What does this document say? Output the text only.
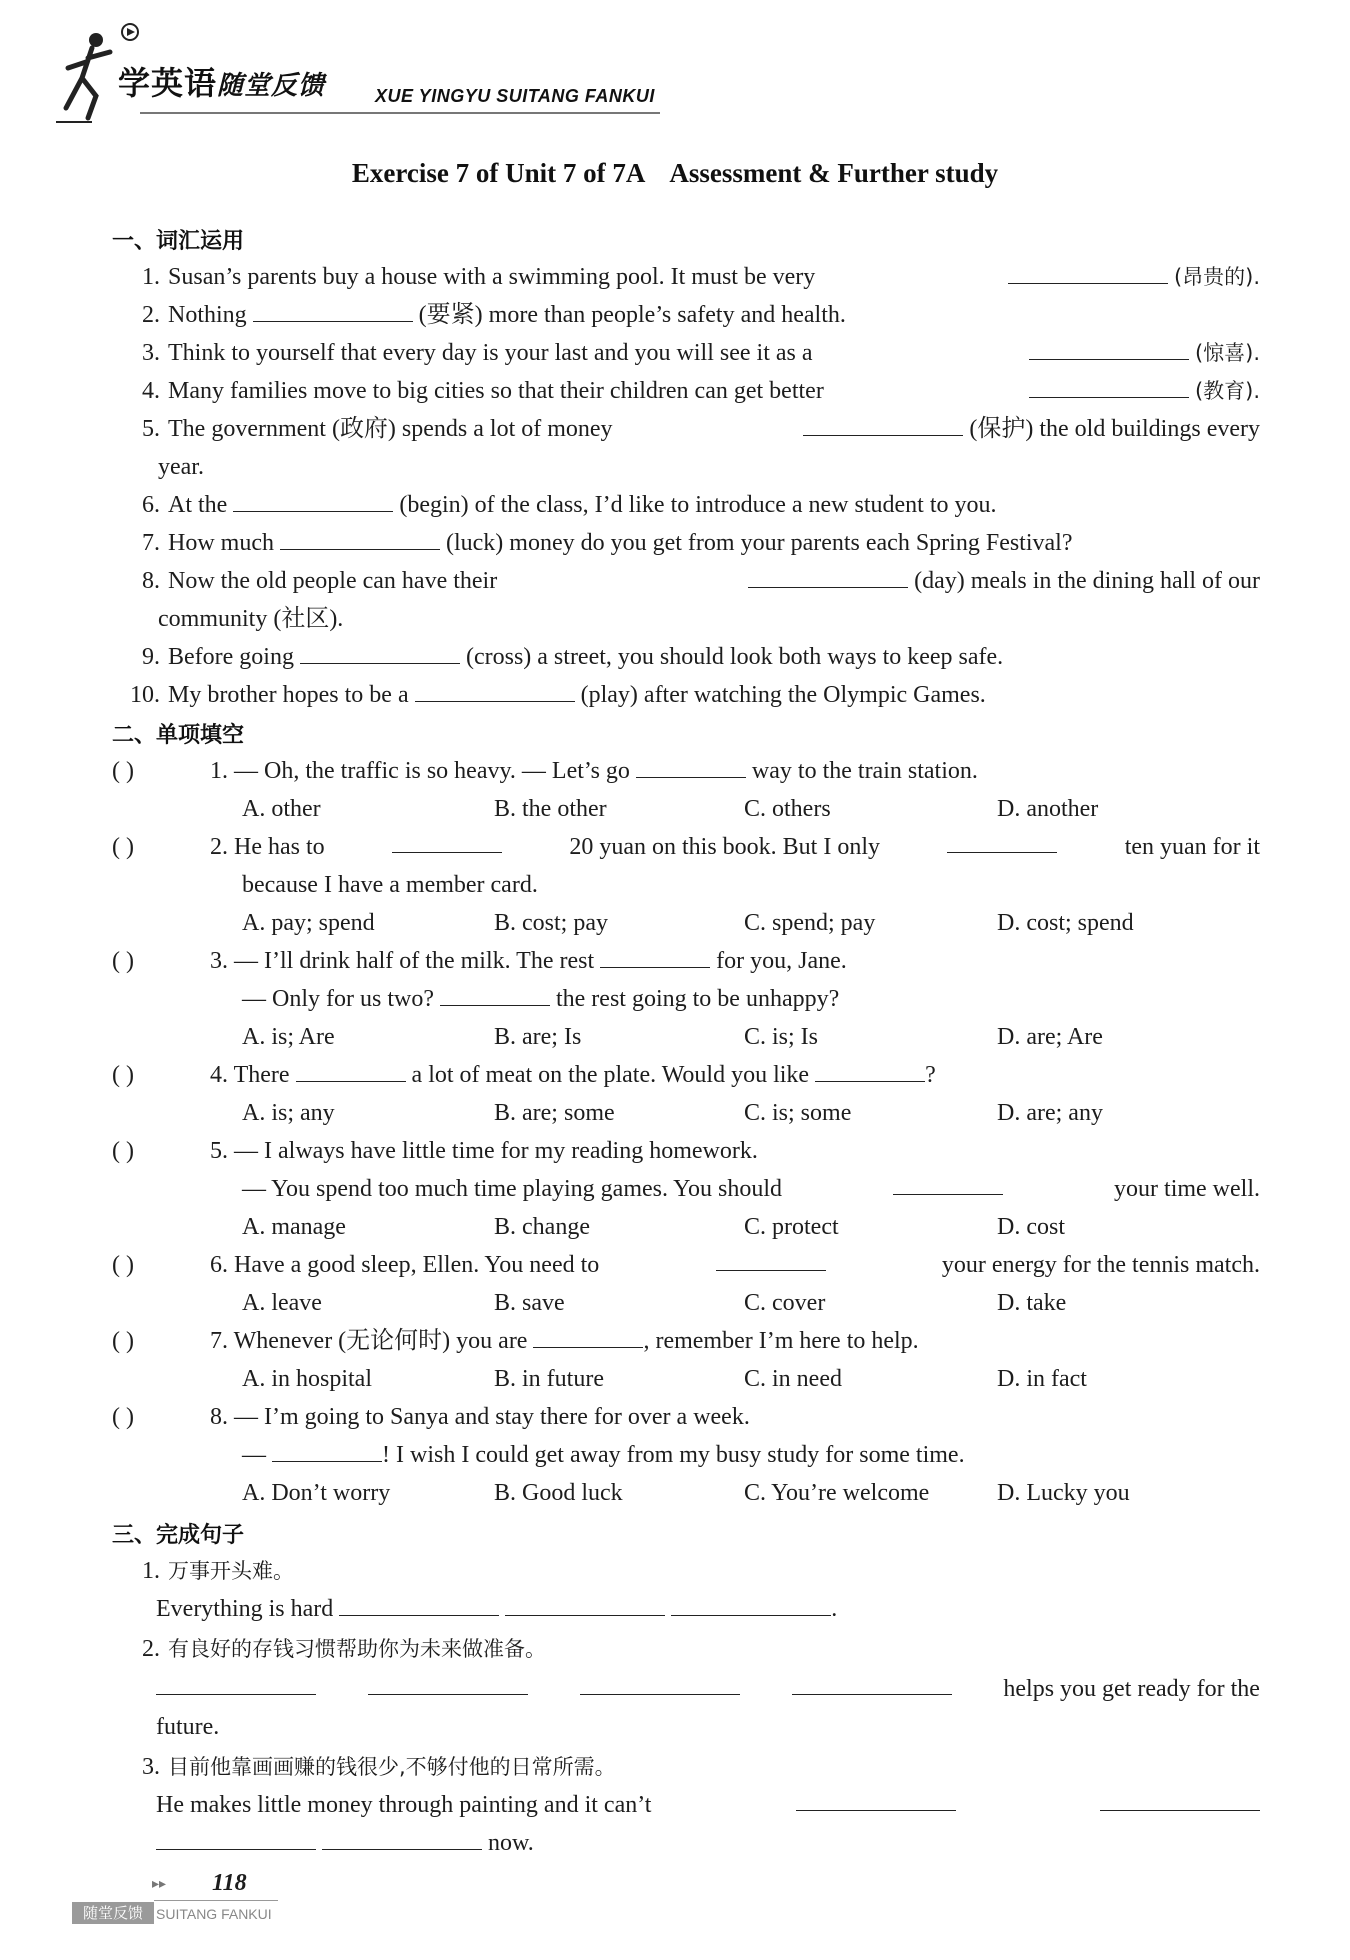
学英语随堂反馈	XUE YINGYU SUITANG FANKUI
Exercise 7 of Unit 7 of 7A    Assessment & Further study
一、词汇运用
1. Susan’s parents buy a house with a swimming pool. It must be very	(昂贵的).
2. Nothing	(要紧) more than people’s safety and health.
3. Think to yourself that every day is your last and you will see it as a	(惊喜).
4. Many families move to big cities so that their children can get better	(教育).
5. The government (政府) spends a lot of money	(保护) the old buildings every
year.
6. At the	(begin) of the class, I’d like to introduce a new student to you.
7. How much	(luck) money do you get from your parents each Spring Festival?
8. Now the old people can have their	(day) meals in the dining hall of our
community (社区).
9. Before going	(cross) a street, you should look both ways to keep safe.
10. My brother hopes to be a	(play) after watching the Olympic Games.
二、单项填空
( )	1. — Oh, the traffic is so heavy. — Let’s go	way to the train station.
A. other	B. the other	C. others	D. another
( )	2. He has to	20 yuan on this book. But I only	ten yuan for it
because I have a member card.
A. pay; spend	B. cost; pay	C. spend; pay	D. cost; spend
( )	3. — I’ll drink half of the milk. The rest	for you, Jane.
— Only for us two?	the rest going to be unhappy?
A. is; Are	B. are; Is	C. is; Is	D. are; Are
( )	4. There	a lot of meat on the plate. Would you like	?
A. is; any	B. are; some	C. is; some	D. are; any
( )	5. — I always have little time for my reading homework.
— You spend too much time playing games. You should	your time well.
A. manage	B. change	C. protect	D. cost
( )	6. Have a good sleep, Ellen. You need to	your energy for the tennis match.
A. leave	B. save	C. cover	D. take
( )	7. Whenever (无论何时) you are	, remember I’m here to help.
A. in hospital	B. in future	C. in need	D. in fact
( )	8. — I’m going to Sanya and stay there for over a week.
—	! I wish I could get away from my busy study for some time.
A. Don’t worry	B. Good luck	C. You’re welcome	D. Lucky you
三、完成句子
1. 万事开头难。
Everything is hard	.
2. 有良好的存钱习惯帮助你为未来做准备。
helps you get ready for the
future.
3. 目前他靠画画赚的钱很少,不够付他的日常所需。
He makes little money through painting and it can’t
now.
▸▸ 118
随堂反馈 SUITANG FANKUI
